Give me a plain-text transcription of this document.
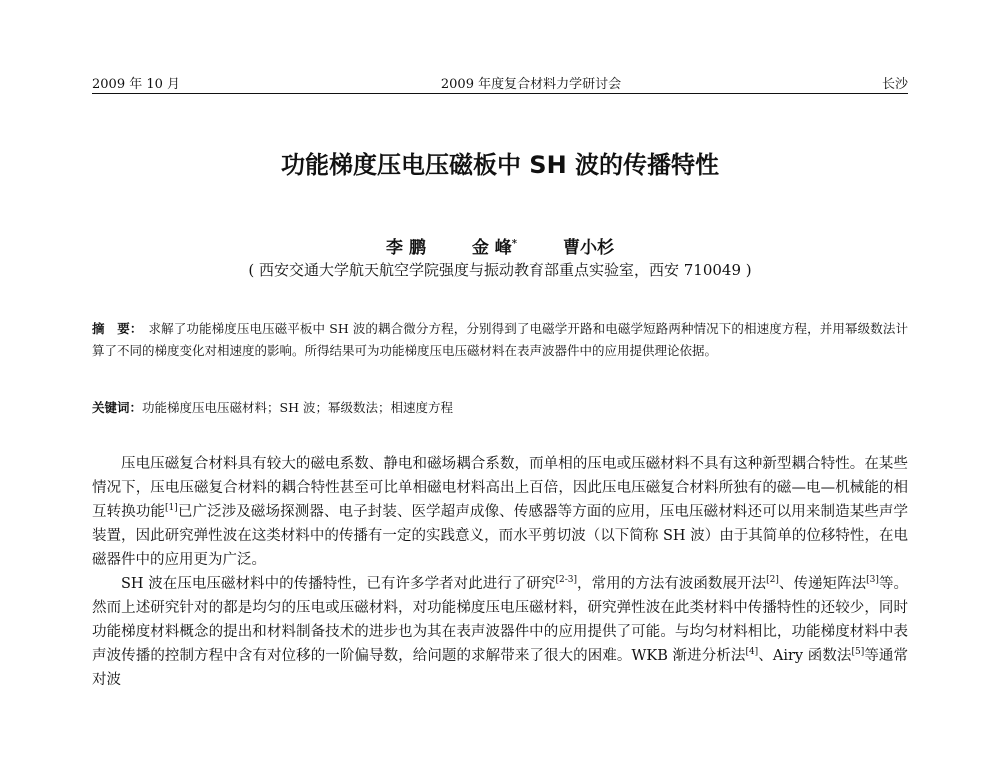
2009 年 10 月	2009 年度复合材料力学研讨会	长沙
功能梯度压电压磁板中 SH 波的传播特性
李 鹏	金 峰*	曹小杉
( 西安交通大学航天航空学院强度与振动教育部重点实验室，西安 710049 )
摘　要： 求解了功能梯度压电压磁平板中 SH 波的耦合微分方程，分别得到了电磁学开路和电磁学短路两种情况下的相速度方程，并用幂级数法计算了不同的梯度变化对相速度的影响。所得结果可为功能梯度压电压磁材料在表声波器件中的应用提供理论依据。
关键词：功能梯度压电压磁材料；SH 波；幂级数法；相速度方程

压电压磁复合材料具有较大的磁电系数、静电和磁场耦合系数，而单相的压电或压磁材料不具有这种新型耦合特性。在某些情况下，压电压磁复合材料的耦合特性甚至可比单相磁电材料高出上百倍，因此压电压磁复合材料所独有的磁—电—机械能的相互转换功能[1]已广泛涉及磁场探测器、电子封装、医学超声成像、传感器等方面的应用，压电压磁材料还可以用来制造某些声学装置，因此研究弹性波在这类材料中的传播有一定的实践意义，而水平剪切波（以下简称 SH 波）由于其简单的位移特性，在电磁器件中的应用更为广泛。

SH 波在压电压磁材料中的传播特性，已有许多学者对此进行了研究[2-3]，常用的方法有波函数展开法[2]、传递矩阵法[3]等。然而上述研究针对的都是均匀的压电或压磁材料，对功能梯度压电压磁材料，研究弹性波在此类材料中传播特性的还较少，同时功能梯度材料概念的提出和材料制备技术的进步也为其在表声波器件中的应用提供了可能。与均匀材料相比，功能梯度材料中表声波传播的控制方程中含有对位移的一阶偏导数，给问题的求解带来了很大的困难。WKB 渐进分析法[4]、Airy 函数法[5]等通常对波
